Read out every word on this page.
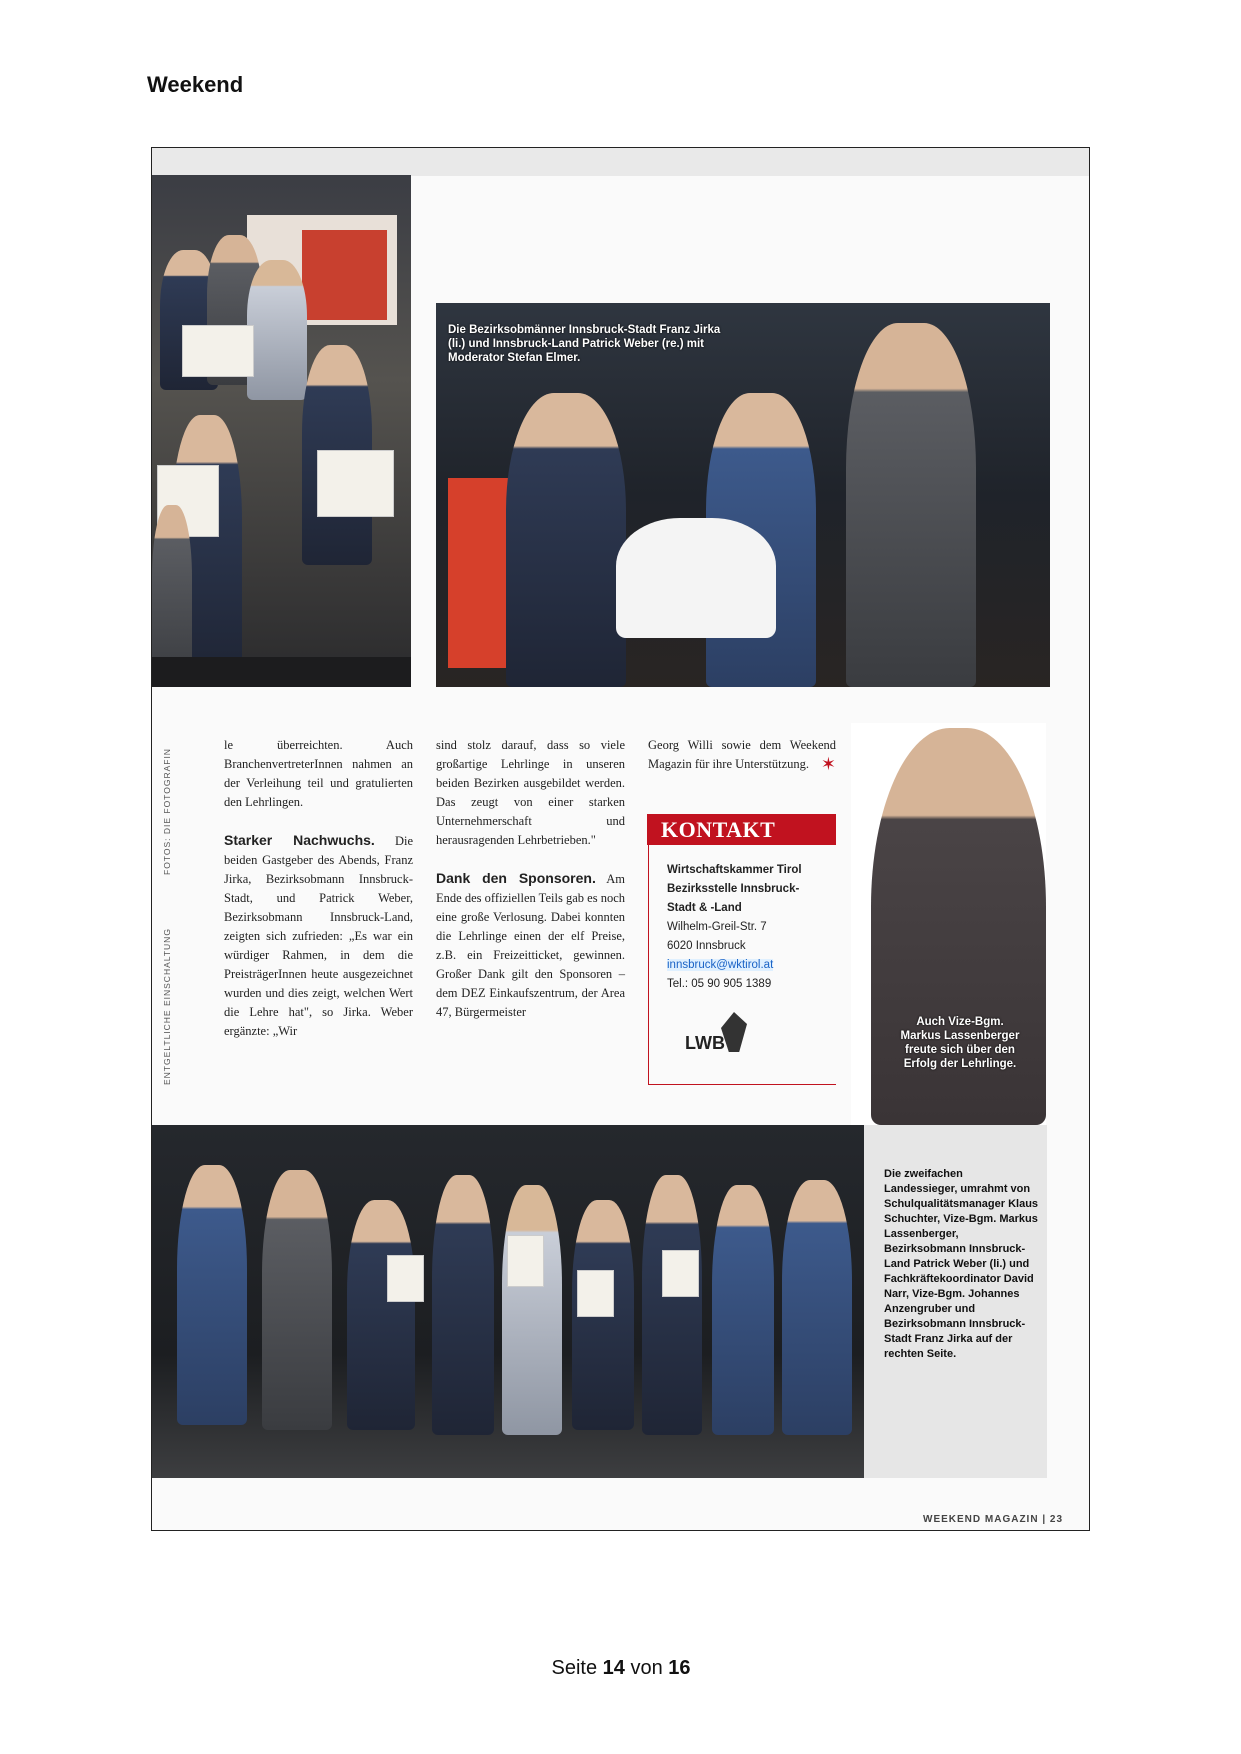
Weekend
Die Bezirksobmänner Innsbruck-Stadt Franz Jirka (li.) und Innsbruck-Land Patrick Weber (re.) mit Moderator Stefan Elmer.
ENTGELTLICHE EINSCHALTUNG FOTOS: DIE FOTOGRAFIN
le überreichten. Auch BranchenvertreterInnen nahmen an der Verleihung teil und gratulierten den Lehrlingen.
Starker Nachwuchs. Die beiden Gastgeber des Abends, Franz Jirka, Bezirksobmann Innsbruck-Stadt, und Patrick Weber, Bezirksobmann Innsbruck-Land, zeigten sich zufrieden: „Es war ein würdiger Rahmen, in dem die PreisträgerInnen heute ausgezeichnet wurden und dies zeigt, welchen Wert die Lehre hat", so Jirka. Weber ergänzte: „Wir
sind stolz darauf, dass so viele großartige Lehrlinge in unseren beiden Bezirken ausgebildet werden. Das zeugt von einer starken Unternehmerschaft und herausragenden Lehrbetrieben."
Dank den Sponsoren. Am Ende des offiziellen Teils gab es noch eine große Verlosung. Dabei konnten die Lehrlinge einen der elf Preise, z.B. ein Freizeitticket, gewinnen. Großer Dank gilt den Sponsoren – dem DEZ Einkaufszentrum, der Area 47, Bürgermeister
Georg Willi sowie dem Weekend Magazin für ihre Unterstützung. ✶
KONTAKT
Wirtschaftskammer Tirol
Bezirksstelle Innsbruck-
Stadt & -Land
Wilhelm-Greil-Str. 7
6020 Innsbruck
innsbruck@wktirol.at
Tel.: 05 90 905 1389
LWB
Auch Vize-Bgm. Markus Lassenberger freute sich über den Erfolg der Lehrlinge.
Die zweifachen Landessieger, umrahmt von Schulqualitätsmanager Klaus Schuchter, Vize-Bgm. Markus Lassenberger, Bezirksobmann Innsbruck-Land Patrick Weber (li.) und Fachkräftekoordinator David Narr, Vize-Bgm. Johannes Anzengruber und Bezirksobmann Innsbruck-Stadt Franz Jirka auf der rechten Seite.
WEEKEND MAGAZIN | 23
Seite 14 von 16
